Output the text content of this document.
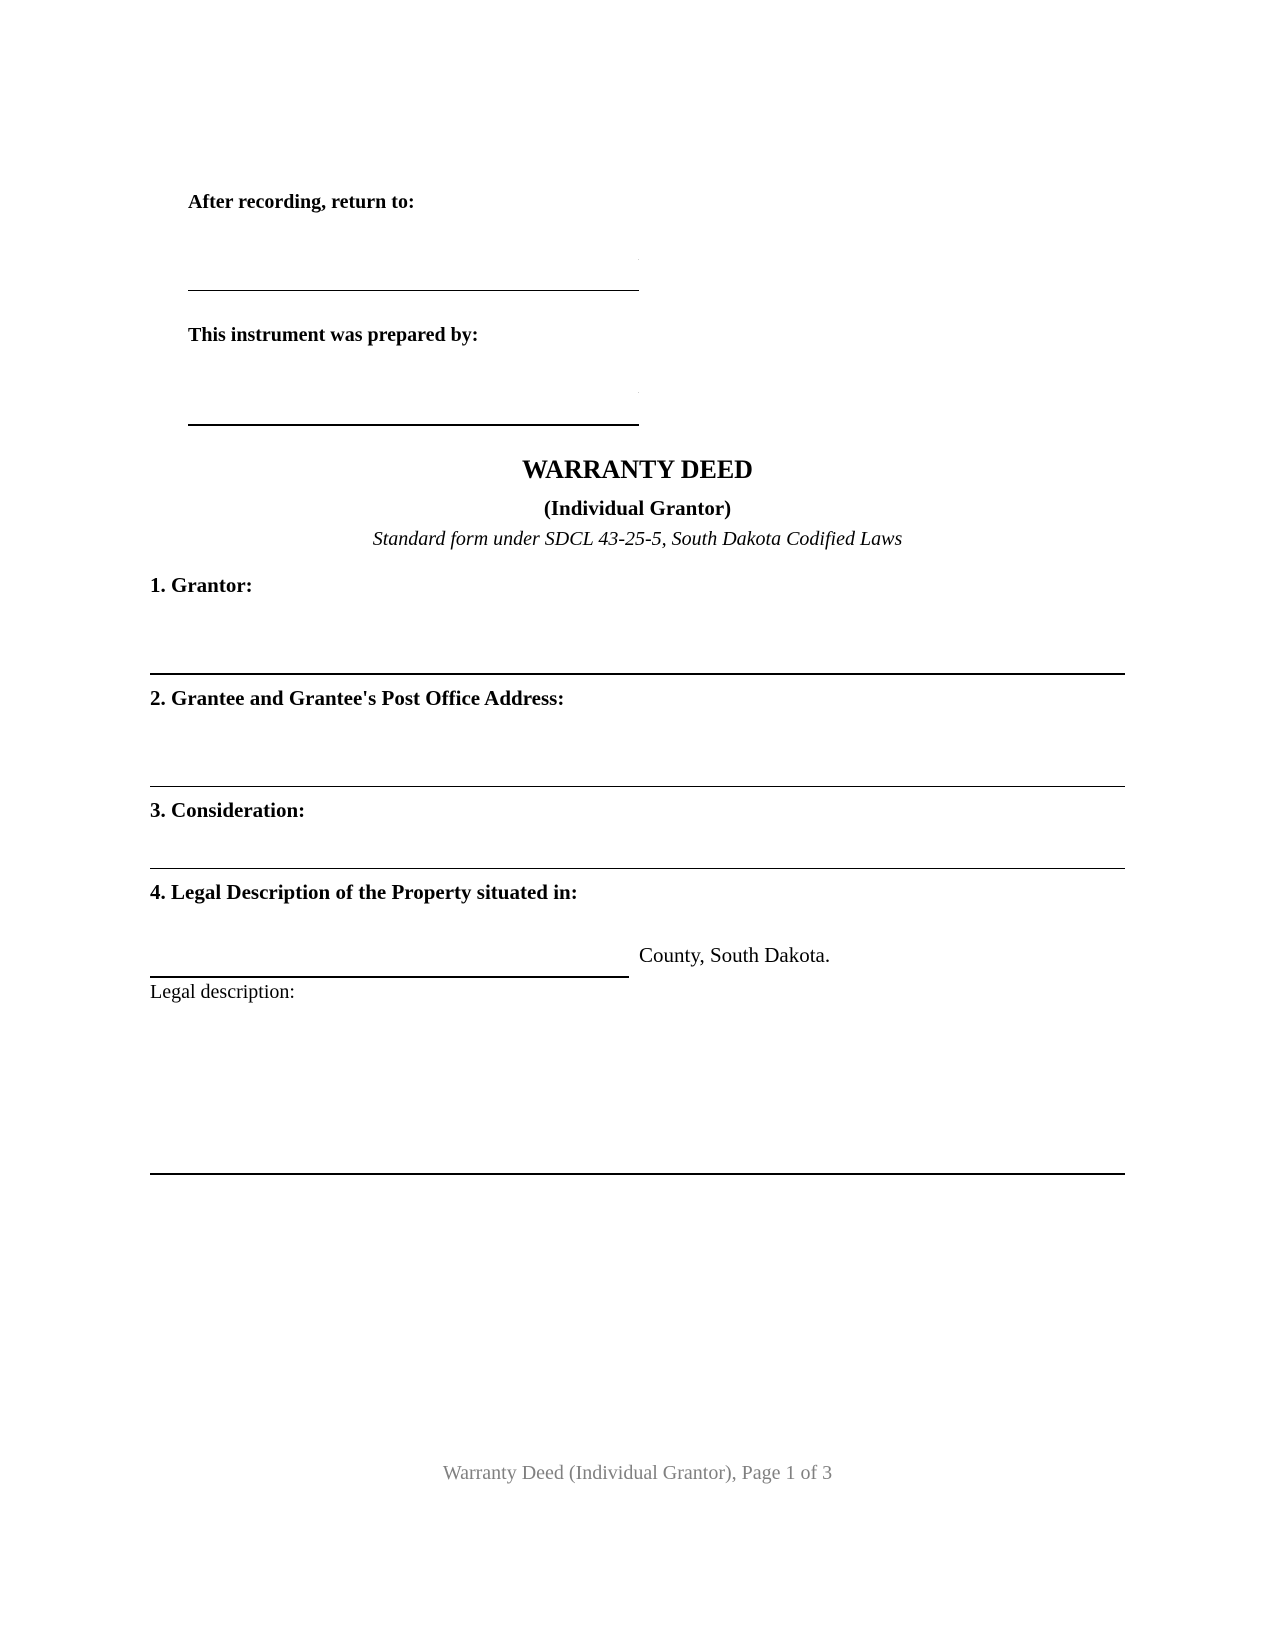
After recording, return to:
This instrument was prepared by:
WARRANTY DEED
(Individual Grantor)
Standard form under SDCL 43-25-5, South Dakota Codified Laws
1. Grantor:
2. Grantee and Grantee's Post Office Address:
3. Consideration:
4. Legal Description of the Property situated in:
County, South Dakota.
Legal description:
Warranty Deed (Individual Grantor), Page 1 of 3
